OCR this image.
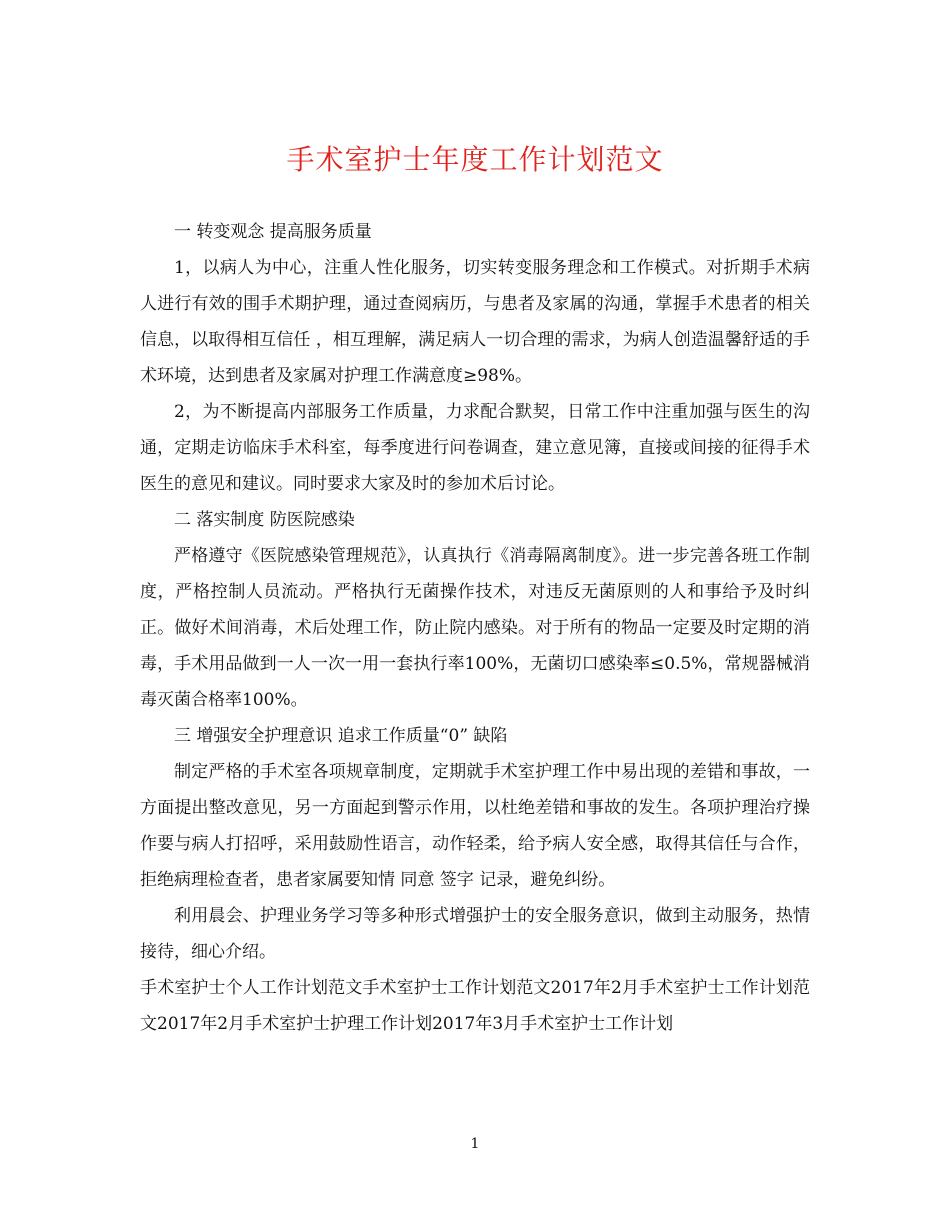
手术室护士年度工作计划范文

一 转变观念 提高服务质量

1，以病人为中心，注重人性化服务，切实转变服务理念和工作模式。对折期手术病人进行有效的围手术期护理，通过查阅病历，与患者及家属的沟通，掌握手术患者的相关信息，以取得相互信任 ，相互理解，满足病人一切合理的需求，为病人创造温馨舒适的手术环境，达到患者及家属对护理工作满意度≥98%。

2，为不断提高内部服务工作质量，力求配合默契，日常工作中注重加强与医生的沟通，定期走访临床手术科室，每季度进行问卷调查，建立意见簿，直接或间接的征得手术医生的意见和建议。同时要求大家及时的参加术后讨论。

二 落实制度 防医院感染

严格遵守《医院感染管理规范》，认真执行《消毒隔离制度》。进一步完善各班工作制度，严格控制人员流动。严格执行无菌操作技术，对违反无菌原则的人和事给予及时纠正。做好术间消毒，术后处理工作，防止院内感染。对于所有的物品一定要及时定期的消毒，手术用品做到一人一次一用一套执行率100%，无菌切口感染率≤0.5%，常规器械消毒灭菌合格率100%。

三 增强安全护理意识 追求工作质量“0” 缺陷

制定严格的手术室各项规章制度，定期就手术室护理工作中易出现的差错和事故，一方面提出整改意见，另一方面起到警示作用，以杜绝差错和事故的发生。各项护理治疗操作要与病人打招呼，采用鼓励性语言，动作轻柔，给予病人安全感，取得其信任与合作，拒绝病理检查者，患者家属要知情 同意 签字 记录，避免纠纷。

利用晨会、护理业务学习等多种形式增强护士的安全服务意识，做到主动服务，热情接待，细心介绍。

手术室护士个人工作计划范文手术室护士工作计划范文2017年2月手术室护士工作计划范文2017年2月手术室护士护理工作计划2017年3月手术室护士工作计划

1
